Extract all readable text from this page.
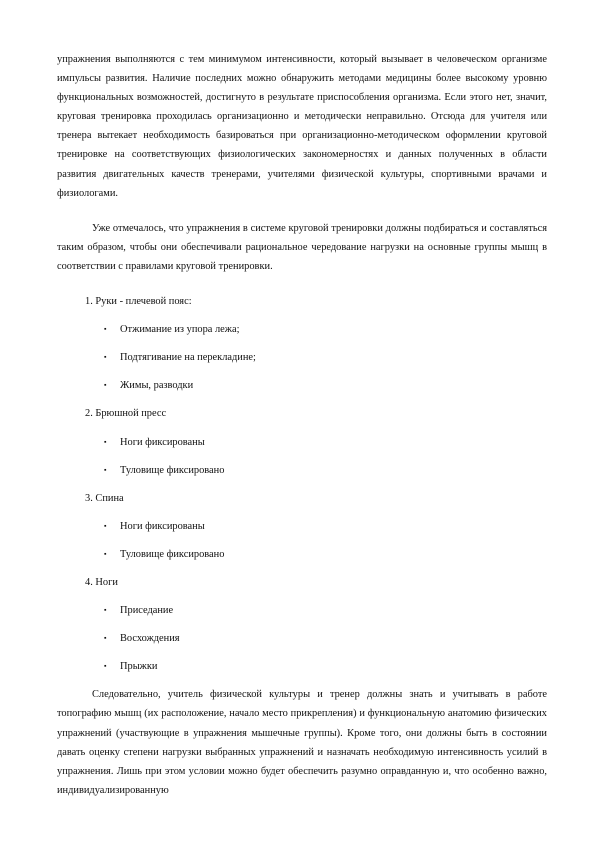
упражнения выполняются с тем минимумом интенсивности, который вызывает в человеческом организме импульсы развития. Наличие последних можно обнаружить методами медицины более высокому уровню функциональных возможностей, достигнуто в результате приспособления организма. Если этого нет, значит, круговая тренировка проходилась организационно и методически неправильно. Отсюда для учителя или тренера вытекает необходимость базироваться при организационно-методическом оформлении круговой тренировке на соответствующих физиологических закономерностях и данных полученных в области развития двигательных качеств тренерами, учителями физической культуры, спортивными врачами и физиологами.

Уже отмечалось, что упражнения в системе круговой тренировки должны подбираться и составляться таким образом, чтобы они обеспечивали рациональное чередование нагрузки на основные группы мышц в соответствии с правилами круговой тренировки.

1. Руки - плечевой пояс:

▪ Отжимание из упора лежа;
▪ Подтягивание на перекладине;
▪ Жимы, разводки

2. Брюшной пресс

▪ Ноги фиксированы
▪ Туловище фиксировано

3. Спина

▪ Ноги фиксированы
▪ Туловище фиксировано

4. Ноги

▪ Приседание
▪ Восхождения
▪ Прыжки

Следовательно, учитель физической культуры и тренер должны знать и учитывать в работе топографию мышц (их расположение, начало место прикрепления) и функциональную анатомию физических упражнений (участвующие в упражнения мышечные группы). Кроме того, они должны быть в состоянии давать оценку степени нагрузки выбранных упражнений и назначать необходимую интенсивность усилий в упражнения. Лишь при этом условии можно будет обеспечить разумно оправданную и, что особенно важно, индивидуализированную
